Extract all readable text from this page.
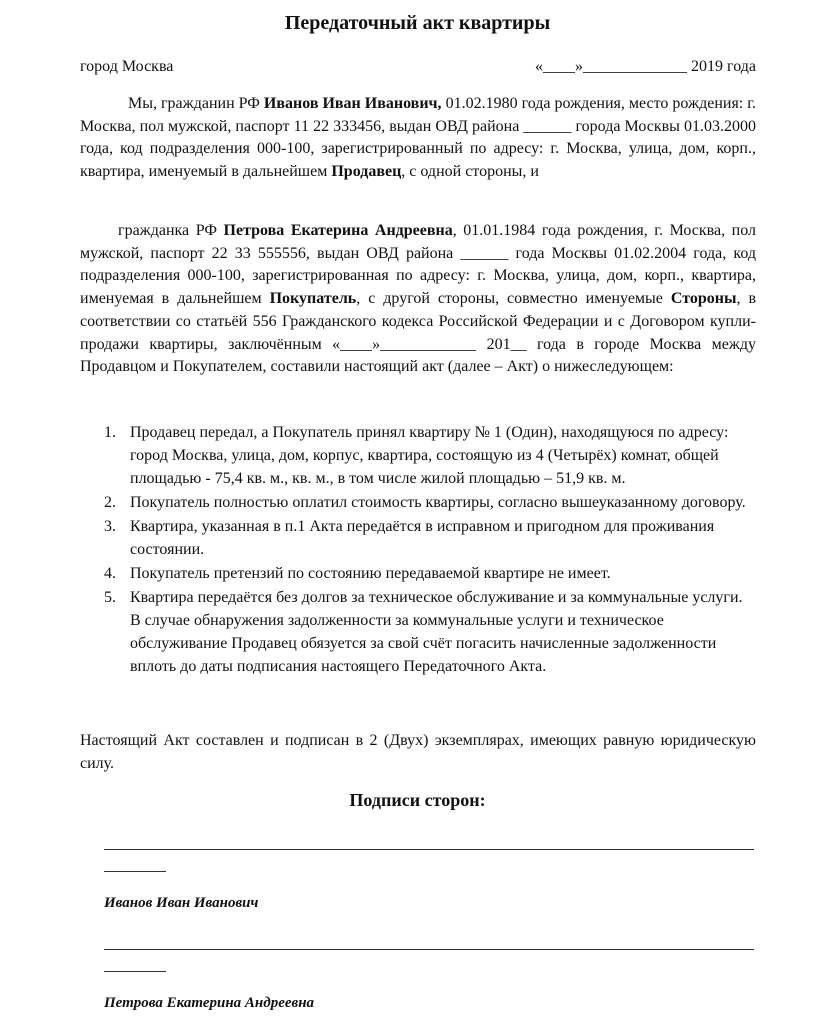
Передаточный акт квартиры
город Москва	«____»_____________ 2019 года
Мы, гражданин РФ Иванов Иван Иванович, 01.02.1980 года рождения, место рождения: г. Москва, пол мужской, паспорт 11 22 333456, выдан ОВД района ______ города Москвы 01.03.2000 года, код подразделения 000-100, зарегистрированный по адресу: г. Москва, улица, дом, корп., квартира, именуемый в дальнейшем Продавец, с одной стороны, и
гражданка РФ Петрова Екатерина Андреевна, 01.01.1984 года рождения, г. Москва, пол мужской, паспорт 22 33 555556, выдан ОВД района ______ года Москвы 01.02.2004 года, код подразделения 000-100, зарегистрированная по адресу: г. Москва, улица, дом, корп., квартира, именуемая в дальнейшем Покупатель, с другой стороны, совместно именуемые Стороны, в соответствии со статьёй 556 Гражданского кодекса Российской Федерации и с Договором купли-продажи квартиры, заключённым «____»____________ 201__ года в городе Москва между Продавцом и Покупателем, составили настоящий акт (далее – Акт) о нижеследующем:
1. Продавец передал, а Покупатель принял квартиру № 1 (Один), находящуюся по адресу: город Москва, улица, дом, корпус, квартира, состоящую из 4 (Четырёх) комнат, общей площадью - 75,4 кв. м., кв. м., в том числе жилой площадью – 51,9 кв. м.
2. Покупатель полностью оплатил стоимость квартиры, согласно вышеуказанному договору.
3. Квартира, указанная в п.1 Акта передаётся в исправном и пригодном для проживания состоянии.
4. Покупатель претензий по состоянию передаваемой квартире не имеет.
5. Квартира передаётся без долгов за техническое обслуживание и за коммунальные услуги. В случае обнаружения задолженности за коммунальные услуги и техническое обслуживание Продавец обязуется за свой счёт погасить начисленные задолженности вплоть до даты подписания настоящего Передаточного Акта.
Настоящий Акт составлен и подписан в 2 (Двух) экземплярах, имеющих равную юридическую силу.
Подписи сторон:
Иванов Иван Иванович
Петрова Екатерина Андреевна
